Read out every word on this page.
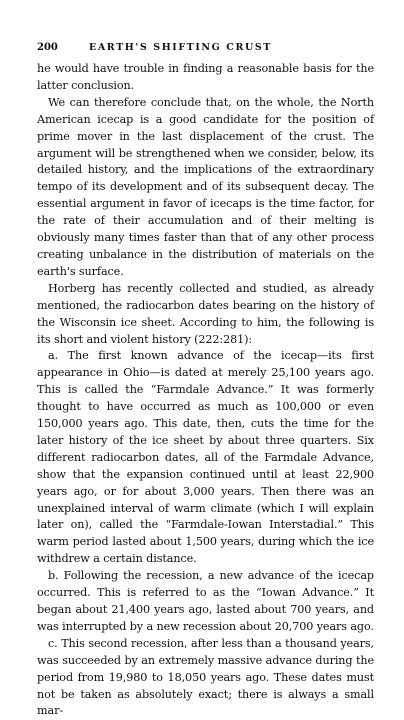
200	EARTH'S SHIFTING CRUST

he would have trouble in finding a reasonable basis for the latter conclusion.

We can therefore conclude that, on the whole, the North American icecap is a good candidate for the position of prime mover in the last displacement of the crust. The argument will be strengthened when we consider, below, its detailed history, and the implications of the extraordinary tempo of its development and of its subsequent decay. The essential argument in favor of icecaps is the time factor, for the rate of their accumulation and of their melting is obviously many times faster than that of any other process creating unbalance in the distribution of materials on the earth's surface.

Horberg has recently collected and studied, as already mentioned, the radiocarbon dates bearing on the history of the Wisconsin ice sheet. According to him, the following is its short and violent history (222:281):

a. The first known advance of the icecap—its first appearance in Ohio—is dated at merely 25,100 years ago. This is called the “Farmdale Advance.” It was formerly thought to have occurred as much as 100,000 or even 150,000 years ago. This date, then, cuts the time for the later history of the ice sheet by about three quarters. Six different radiocarbon dates, all of the Farmdale Advance, show that the expansion continued until at least 22,900 years ago, or for about 3,000 years. Then there was an unexplained interval of warm climate (which I will explain later on), called the “Farmdale-Iowan Interstadial.” This warm period lasted about 1,500 years, during which the ice withdrew a certain distance.

b. Following the recession, a new advance of the icecap occurred. This is referred to as the “Iowan Advance.” It began about 21,400 years ago, lasted about 700 years, and was interrupted by a new recession about 20,700 years ago.

c. This second recession, after less than a thousand years, was succeeded by an extremely massive advance during the period from 19,980 to 18,050 years ago. These dates must not be taken as absolutely exact; there is always a small mar-
